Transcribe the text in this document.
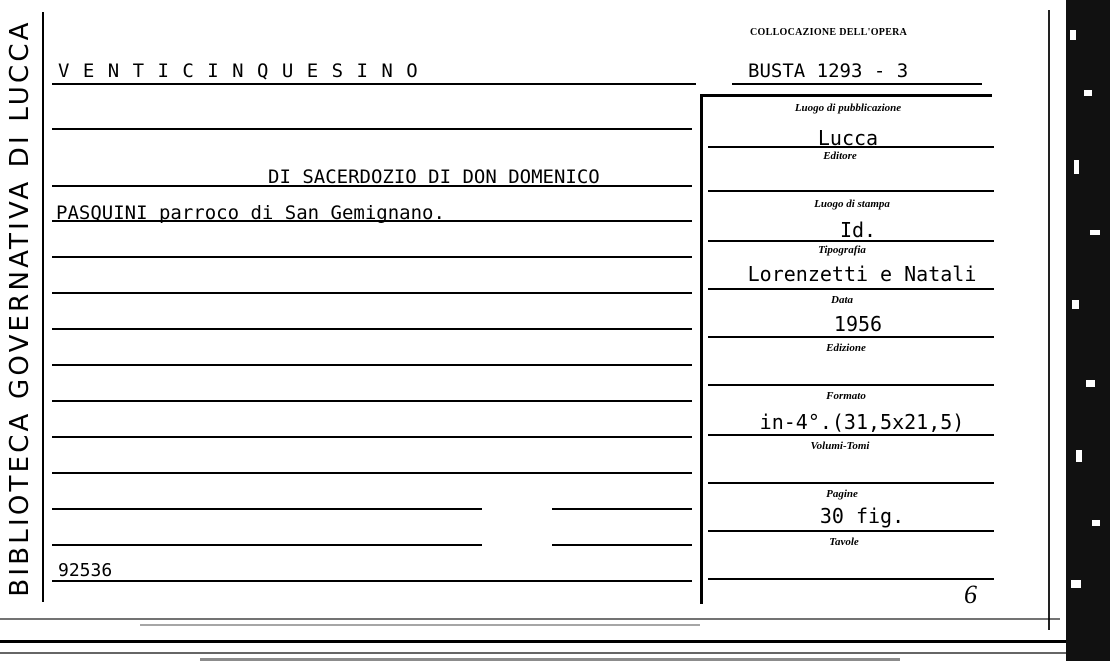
BIBLIOTECA GOVERNATIVA DI LUCCA	COLLOCAZIONE DELL'OPERA
BUSTA 1293 - 3
V E N T I C I N Q U E S I N O
DI SACERDOZIO DI DON DOMENICO
PASQUINI parroco di San Gemignano.
92536
Luogo di pubblicazione
Lucca
Editore
Luogo di stampa
Id.
Tipografia
Lorenzetti e Natali
Data
1956
Edizione
Formato
in-4°.(31,5x21,5)
Volumi-Tomi
Pagine
30 fig.
Tavole
6
